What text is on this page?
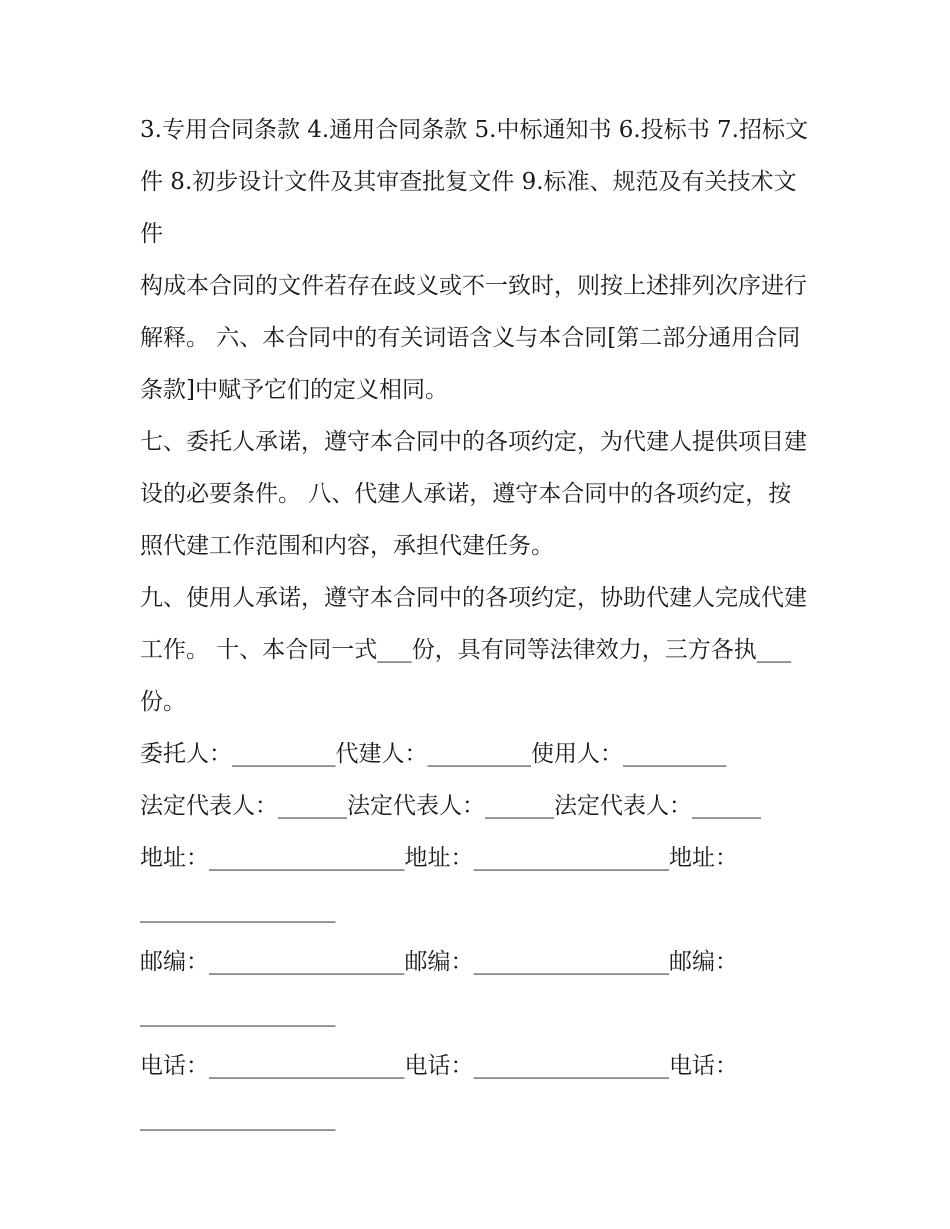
3.专用合同条款 4.通用合同条款 5.中标通知书 6.投标书 7.招标文件 8.初步设计文件及其审查批复文件 9.标准、规范及有关技术文件

构成本合同的文件若存在歧义或不一致时，则按上述排列次序进行解释。 六、本合同中的有关词语含义与本合同[第二部分通用合同条款]中赋予它们的定义相同。

七、委托人承诺，遵守本合同中的各项约定，为代建人提供项目建设的必要条件。 八、代建人承诺，遵守本合同中的各项约定，按照代建工作范围和内容，承担代建任务。

九、使用人承诺，遵守本合同中的各项约定，协助代建人完成代建工作。 十、本合同一式___份，具有同等法律效力，三方各执___份。

委托人：_________代建人：_________使用人：_________

法定代表人：______法定代表人：______法定代表人：______

地址：_________________地址：_________________地址：

_________________

邮编：_________________邮编：_________________邮编：

_________________

电话：_________________电话：_________________电话：

_________________
